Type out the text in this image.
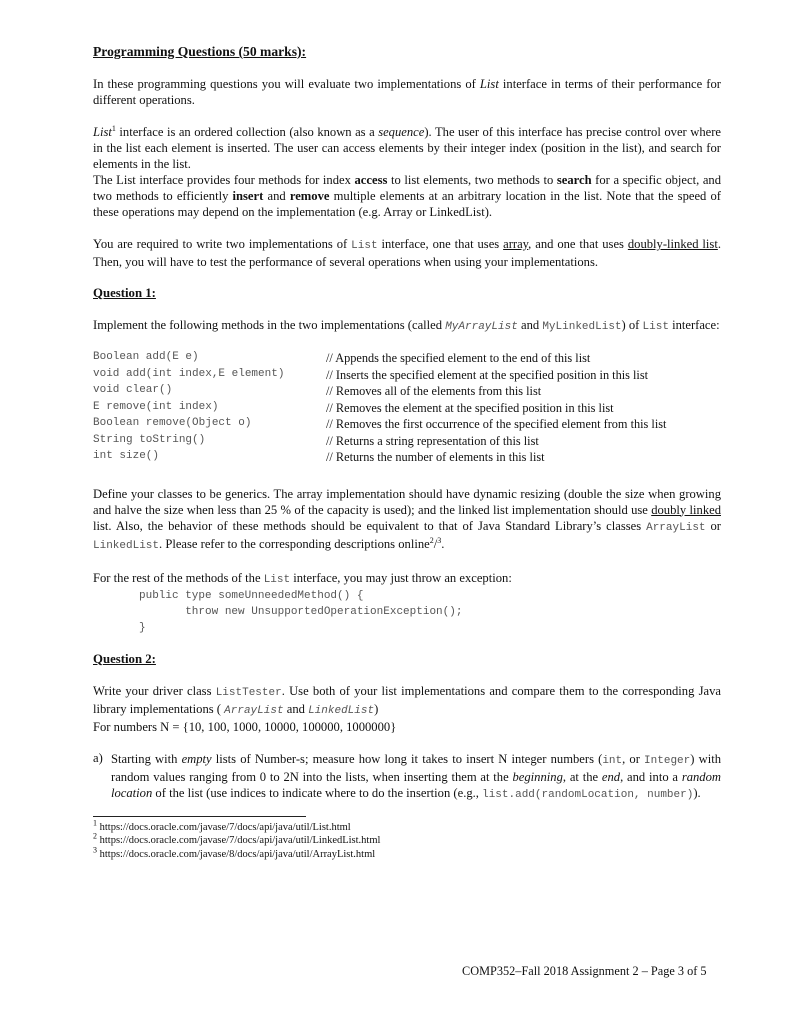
Programming Questions (50 marks):

In these programming questions you will evaluate two implementations of List interface in terms of their performance for different operations.

List$^1$ interface is an ordered collection (also known as a sequence). The user of this interface has precise control over where in the list each element is inserted. The user can access elements by their integer index (position in the list), and search for elements in the list.

The List interface provides four methods for index access to list elements, two methods to search for a specific object, and two methods to efficiently insert and remove multiple elements at an arbitrary location in the list. Note that the speed of these operations may depend on the implementation (e.g. Array or LinkedList).

You are required to write two implementations of List interface, one that uses array, and one that uses doubly-linked list. Then, you will have to test the performance of several operations when using your implementations.

Question 1:

Implement the following methods in the two implementations (called MyArrayList and MyLinkedList) of List interface:

Boolean add(E e)	// Appends the specified element to the end of this list
void add(int index,E element)	// Inserts the specified element at the specified position in this list
void clear()	// Removes all of the elements from this list
E remove(int index)	// Removes the element at the specified position in this list
Boolean remove(Object o)	// Removes the first occurrence of the specified element from this list
String toString()	// Returns a string representation of this list
int size()	// Returns the number of elements in this list

Define your classes to be generics. The array implementation should have dynamic resizing (double the size when growing and halve the size when less than 25 % of the capacity is used); and the linked list implementation should use doubly linked list. Also, the behavior of these methods should be equivalent to that of Java Standard Library’s classes ArrayList or LinkedList. Please refer to the corresponding descriptions online$^2$/$^3$.

For the rest of the methods of the List interface, you may just throw an exception:

public type someUnneededMethod() {
throw new UnsupportedOperationException();
}
Question 2:

Write your driver class ListTester. Use both of your list implementations and compare them to the corresponding Java library implementations ( ArrayList and LinkedList)

For numbers N = {10, 100, 1000, 10000, 100000, 1000000}

a) Starting with empty lists of Number-s; measure how long it takes to insert N integer numbers (int, or Integer) with random values ranging from 0 to 2N into the lists, when inserting them at the beginning, at the end, and into a random location of the list (use indices to indicate where to do the insertion (e.g., list.add(randomLocation, number)).

$^1$ https://docs.oracle.com/javase/7/docs/api/java/util/List.html
$^2$ https://docs.oracle.com/javase/7/docs/api/java/util/LinkedList.html
$^3$ https://docs.oracle.com/javase/8/docs/api/java/util/ArrayList.html
COMP352–Fall 2018 Assignment 2 – Page 3 of 5
